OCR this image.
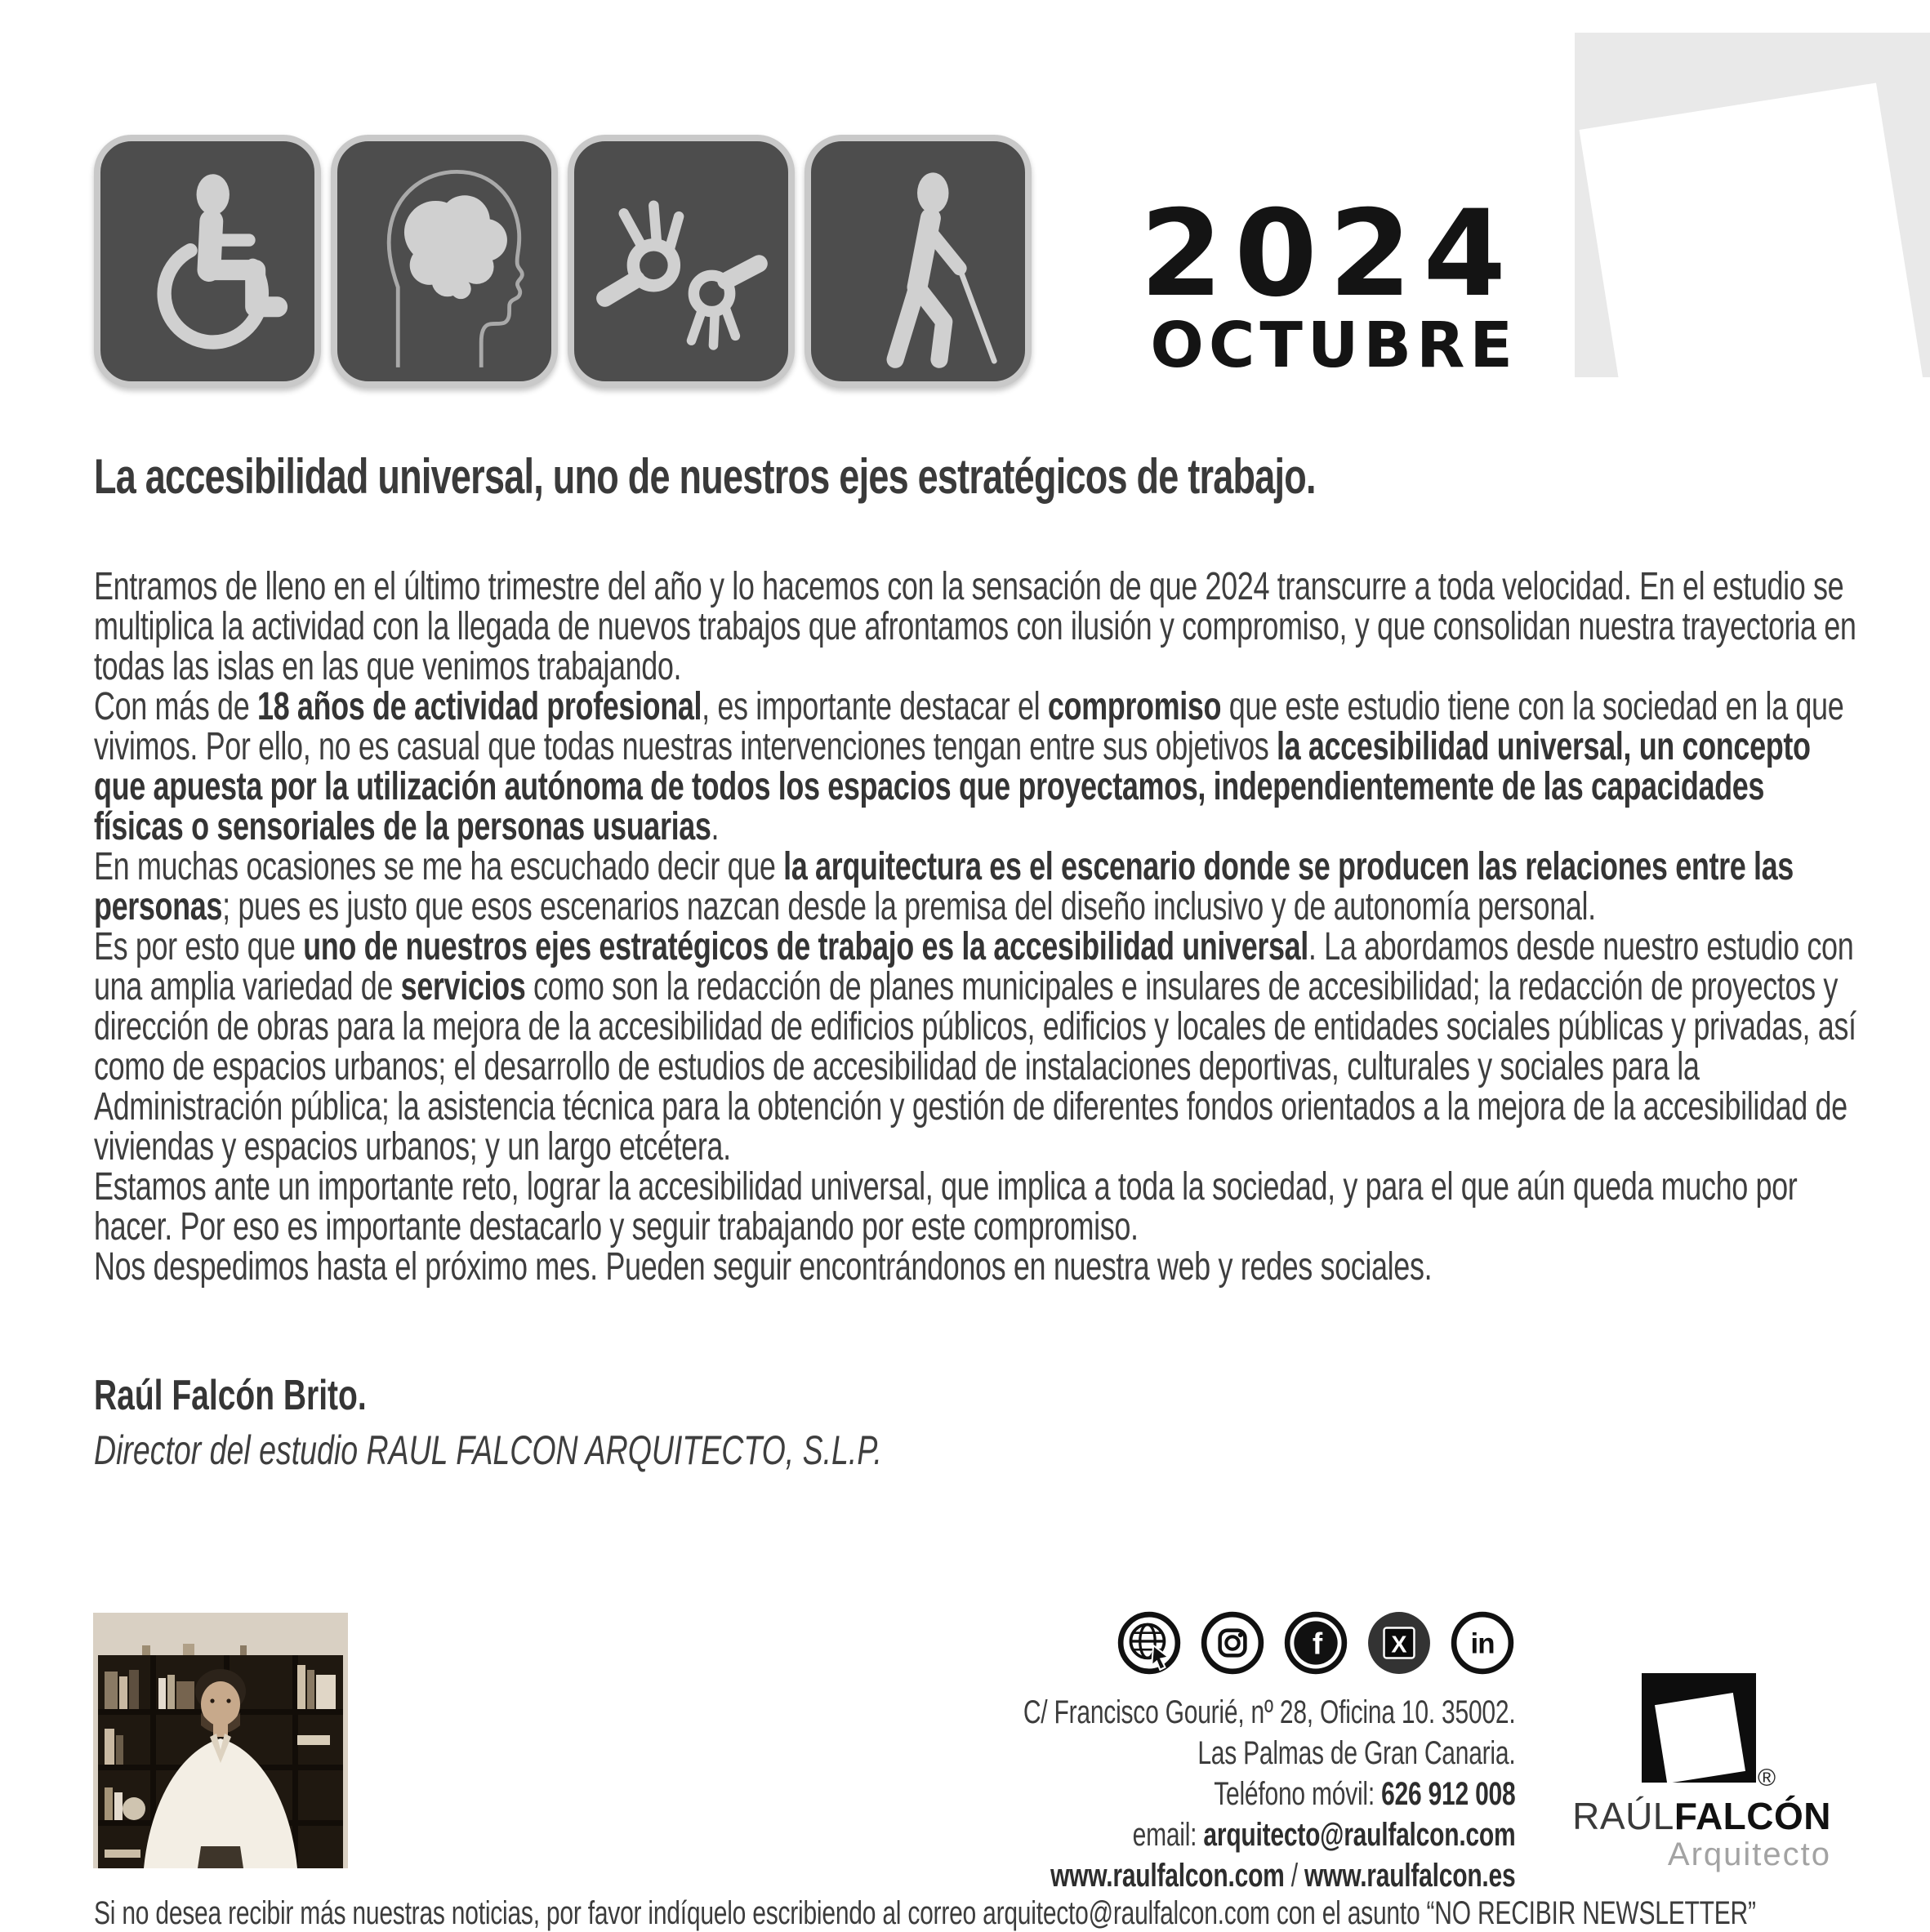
2024
OCTUBRE
La accesibilidad universal, uno de nuestros ejes estratégicos de trabajo.

Entramos de lleno en el último trimestre del año y lo hacemos con la sensación de que 2024 transcurre a toda velocidad. En el estudio se multiplica la actividad con la llegada de nuevos trabajos que afrontamos con ilusión y compromiso, y que consolidan nuestra trayectoria en todas las islas en las que venimos trabajando.

Con más de 18 años de actividad profesional, es importante destacar el compromiso que este estudio tiene con la sociedad en la que vivimos. Por ello, no es casual que todas nuestras intervenciones tengan entre sus objetivos la accesibilidad universal, un concepto que apuesta por la utilización autónoma de todos los espacios que proyectamos, independientemente de las capacidades físicas o sensoriales de la personas usuarias.

En muchas ocasiones se me ha escuchado decir que la arquitectura es el escenario donde se producen las relaciones entre las personas; pues es justo que esos escenarios nazcan desde la premisa del diseño inclusivo y de autonomía personal.

Es por esto que uno de nuestros ejes estratégicos de trabajo es la accesibilidad universal. La abordamos desde nuestro estudio con una amplia variedad de servicios como son la redacción de planes municipales e insulares de accesibilidad; la redacción de proyectos y dirección de obras para la mejora de la accesibilidad de edificios públicos, edificios y locales de entidades sociales públicas y privadas, así como de espacios urbanos; el desarrollo de estudios de accesibilidad de instalaciones deportivas, culturales y sociales para la Administración pública; la asistencia técnica para la obtención y gestión de diferentes fondos orientados a la mejora de la accesibilidad de viviendas y espacios urbanos; y un largo etcétera.

Estamos ante un importante reto, lograr la accesibilidad universal, que implica a toda la sociedad, y para el que aún queda mucho por hacer. Por eso es importante destacarlo y seguir trabajando por este compromiso.

Nos despedimos hasta el próximo mes. Pueden seguir encontrándonos en nuestra web y redes sociales.

Raúl Falcón Brito.
Director del estudio RAUL FALCON ARQUITECTO, S.L.P.
f	X in
C/ Francisco Gourié, nº 28, Oficina 10. 35002.
Las Palmas de Gran Canaria.
Teléfono móvil: 626 912 008
email: arquitecto@raulfalcon.com
www.raulfalcon.com / www.raulfalcon.es
®
RAÚLFALCÓN
Arquitecto
Si no desea recibir más nuestras noticias, por favor indíquelo escribiendo al correo arquitecto@raulfalcon.com con el asunto “NO RECIBIR NEWSLETTER”
